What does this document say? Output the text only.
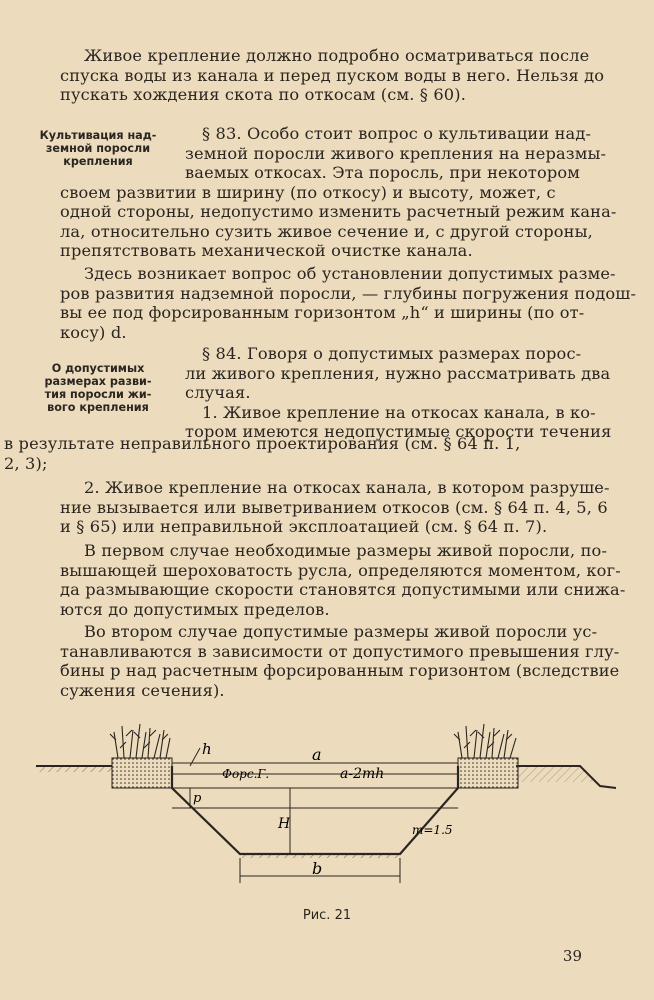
Живое крепление должно подробно осматриваться после

спуска воды из канала и перед пуском воды в него. Нельзя до

пускать хождения скота по откосам (см. § 60).

Культивация над-
земной поросли
крепления

§ 83. Особо стоит вопрос о культивации над-

земной поросли живого крепления на неразмы-

ваемых откосах. Эта поросль, при некотором

своем развитии в ширину (по откосу) и высоту, может, с

одной стороны, недопустимо изменить расчетный режим кана-

ла, относительно сузить живое сечение и, с другой стороны,

препятствовать механической очистке канала.

Здесь возникает вопрос об установлении допустимых разме-

ров развития надземной поросли, — глубины погружения подош-

вы ее под форсированным горизонтом „h“ и ширины (по от-

косу) d.

О допустимых
размерах разви-
тия поросли жи-
вого крепления

§ 84. Говоря о допустимых размерах порос-

ли живого крепления, нужно рассматривать два

случая.

1. Живое крепление на откосах канала, в ко-

тором имеются недопустимые скорости течения

в результате неправильного проектирования (см. § 64 п. 1,

2, 3);

2. Живое крепление на откосах канала, в котором разруше-

ние вызывается или выветриванием откосов (см. § 64 п. 4, 5, 6

и § 65) или неправильной эксплоатацией (см. § 64 п. 7).

В первом случае необходимые размеры живой поросли, по-

вышающей шероховатость русла, определяются моментом, ког-

да размывающие скорости становятся допустимыми или снижа-

ются до допустимых пределов.

Во втором случае допустимые размеры живой поросли ус-

танавливаются в зависимости от допустимого превышения глу-

бины р над расчетным форсированным горизонтом (вследствие

сужения сечения).

h	a
Форс.Г.	a-2mh
p
H	m=1.5
b
Рис. 21
39
